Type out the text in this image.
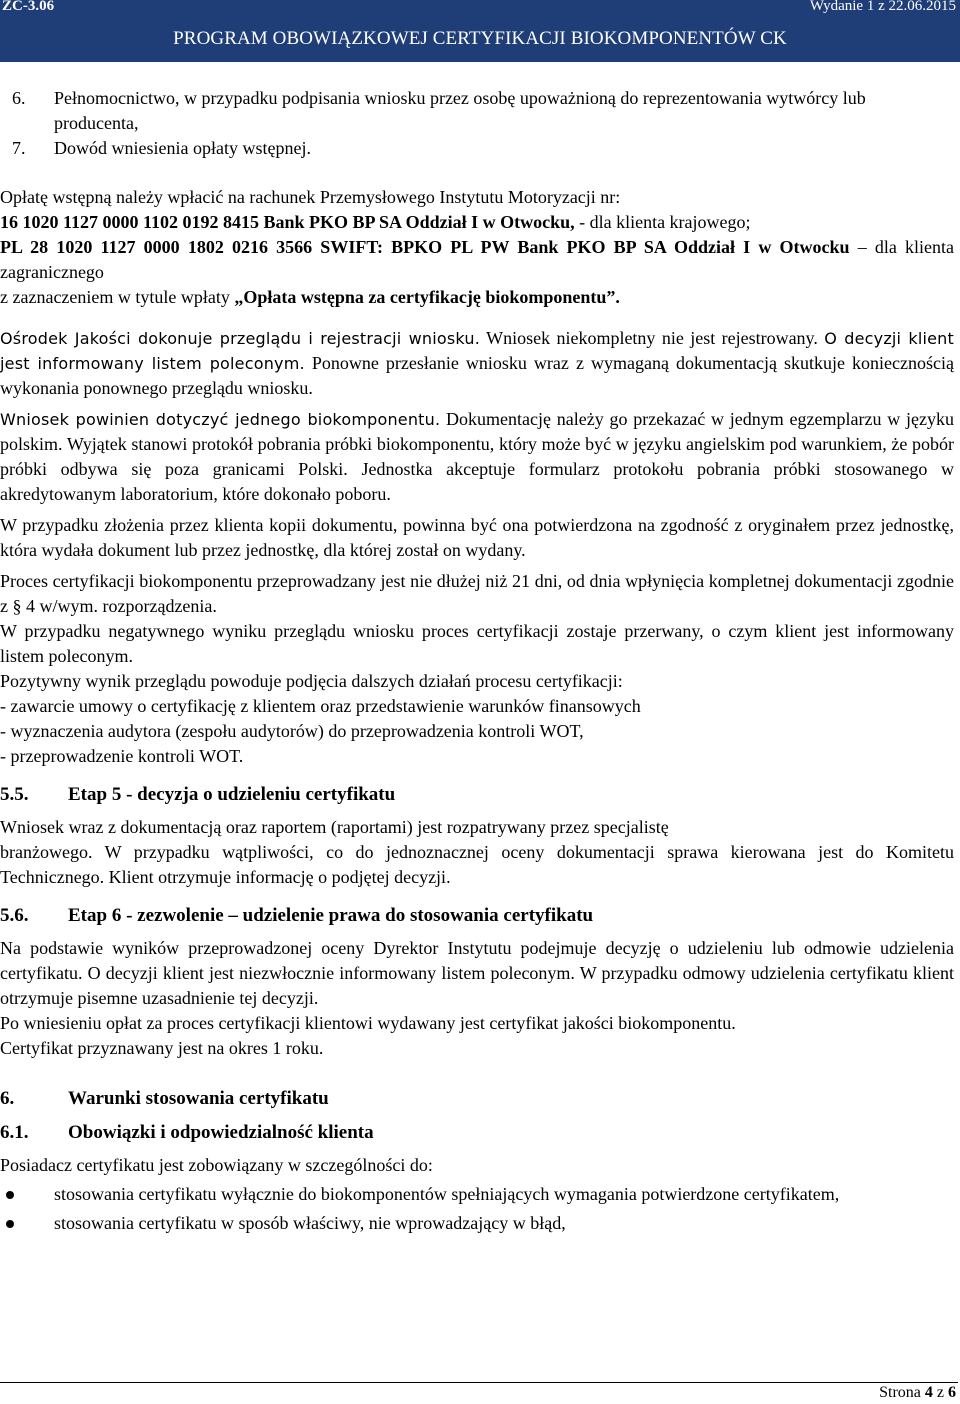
ZC-3.06	Wydanie 1 z 22.06.2015
PROGRAM OBOWIĄZKOWEJ CERTYFIKACJI BIOKOMPONENTÓW CK
6. Pełnomocnictwo, w przypadku podpisania wniosku przez osobę upoważnioną do reprezentowania wytwórcy lub producenta,
7. Dowód wniesienia opłaty wstępnej.

Opłatę wstępną należy wpłacić na rachunek Przemysłowego Instytutu Motoryzacji nr:

16 1020 1127 0000 1102 0192 8415 Bank PKO BP SA Oddział I w Otwocku, - dla klienta krajowego;

PL 28 1020 1127 0000 1802 0216 3566 SWIFT: BPKO PL PW Bank PKO BP SA Oddział I w Otwocku – dla klienta zagranicznego

z zaznaczeniem w tytule wpłaty „Opłata wstępna za certyfikację biokomponentu”.

Ośrodek Jakości dokonuje przeglądu i rejestracji wniosku. Wniosek niekompletny nie jest rejestrowany. O decyzji klient jest informowany listem poleconym. Ponowne przesłanie wniosku wraz z wymaganą dokumentacją skutkuje koniecznością wykonania ponownego przeglądu wniosku.

Wniosek powinien dotyczyć jednego biokomponentu. Dokumentację należy go przekazać w jednym egzemplarzu w języku polskim. Wyjątek stanowi protokół pobrania próbki biokomponentu, który może być w języku angielskim pod warunkiem, że pobór próbki odbywa się poza granicami Polski. Jednostka akceptuje formularz protokołu pobrania próbki stosowanego w akredytowanym laboratorium, które dokonało poboru.

W przypadku złożenia przez klienta kopii dokumentu, powinna być ona potwierdzona na zgodność z oryginałem przez jednostkę, która wydała dokument lub przez jednostkę, dla której został on wydany.

Proces certyfikacji biokomponentu przeprowadzany jest nie dłużej niż 21 dni, od dnia wpłynięcia kompletnej dokumentacji zgodnie z § 4 w/wym. rozporządzenia.

W przypadku negatywnego wyniku przeglądu wniosku proces certyfikacji zostaje przerwany, o czym klient jest informowany listem poleconym.

Pozytywny wynik przeglądu powoduje podjęcia dalszych działań procesu certyfikacji:

- zawarcie umowy o certyfikację z klientem oraz przedstawienie warunków finansowych

- wyznaczenia audytora (zespołu audytorów) do przeprowadzenia kontroli WOT,

- przeprowadzenie kontroli WOT.

5.5. Etap 5 - decyzja o udzieleniu certyfikatu

Wniosek wraz z dokumentacją oraz raportem (raportami) jest rozpatrywany przez specjalistę

branżowego. W przypadku wątpliwości, co do jednoznacznej oceny dokumentacji sprawa kierowana jest do Komitetu Technicznego. Klient otrzymuje informację o podjętej decyzji.

5.6. Etap 6 - zezwolenie – udzielenie prawa do stosowania certyfikatu

Na podstawie wyników przeprowadzonej oceny Dyrektor Instytutu podejmuje decyzję o udzieleniu lub odmowie udzielenia certyfikatu. O decyzji klient jest niezwłocznie informowany listem poleconym. W przypadku odmowy udzielenia certyfikatu klient otrzymuje pisemne uzasadnienie tej decyzji.

Po wniesieniu opłat za proces certyfikacji klientowi wydawany jest certyfikat jakości biokomponentu.

Certyfikat przyznawany jest na okres 1 roku.

6.	Warunki stosowania certyfikatu
6.1. Obowiązki i odpowiedzialność klienta

Posiadacz certyfikatu jest zobowiązany w szczególności do:

stosowania certyfikatu wyłącznie do biokomponentów spełniających wymagania potwierdzone certyfikatem,
stosowania certyfikatu w sposób właściwy, nie wprowadzający w błąd,
Strona 4 z 6
